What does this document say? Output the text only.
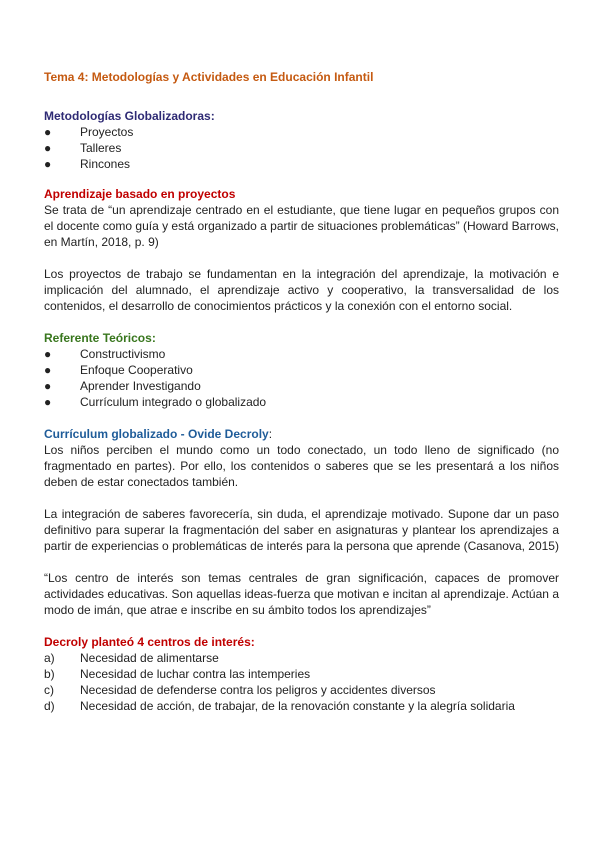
Tema 4: Metodologías y Actividades en Educación Infantil
Metodologías Globalizadoras:
●	Proyectos
●	Talleres
●	Rincones
Aprendizaje basado en proyectos

Se trata de “un aprendizaje centrado en el estudiante, que tiene lugar en pequeños grupos con el docente como guía y está organizado a partir de situaciones problemáticas” (Howard Barrows, en Martín, 2018, p. 9)

Los proyectos de trabajo se fundamentan en la integración del aprendizaje, la motivación e implicación del alumnado, el aprendizaje activo y cooperativo, la transversalidad de los contenidos, el desarrollo de conocimientos prácticos y la conexión con el entorno social.

Referente Teóricos:
●	Constructivismo
●	Enfoque Cooperativo
●	Aprender Investigando
●	Currículum integrado o globalizado
Currículum globalizado - Ovide Decroly:

Los niños perciben el mundo como un todo conectado, un todo lleno de significado (no fragmentado en partes). Por ello, los contenidos o saberes que se les presentará a los niños deben de estar conectados también.

La integración de saberes favorecería, sin duda, el aprendizaje motivado. Supone dar un paso definitivo para superar la fragmentación del saber en asignaturas y plantear los aprendizajes a partir de experiencias o problemáticas de interés para la persona que aprende (Casanova, 2015)

“Los centro de interés son temas centrales de gran significación, capaces de promover actividades educativas. Son aquellas ideas-fuerza que motivan e incitan al aprendizaje. Actúan a modo de imán, que atrae e inscribe en su ámbito todos los aprendizajes”

Decroly planteó 4 centros de interés:
a)	Necesidad de alimentarse
b)	Necesidad de luchar contra las intemperies
c)	Necesidad de defenderse contra los peligros y accidentes diversos
d)	Necesidad de acción, de trabajar, de la renovación constante y la alegría solidaria
